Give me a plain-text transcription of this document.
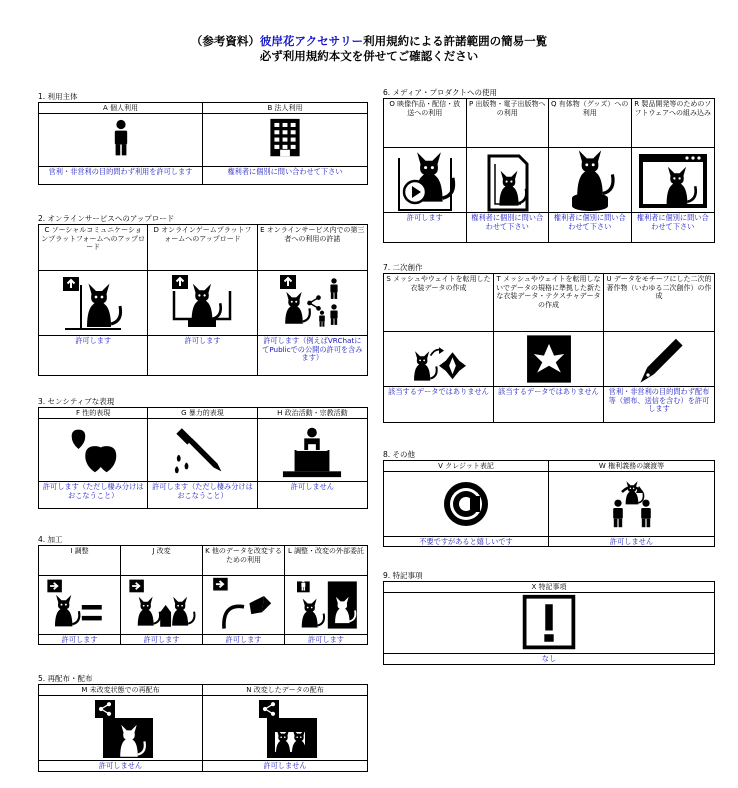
（参考資料）彼岸花アクセサリー利用規約による許諾範囲の簡易一覧
必ず利用規約本文を併せてご確認ください
1. 利用主体
A 個人利用
営利・非営利の目的問わず利用を許可します
B 法人利用
権利者に個別に問い合わせて下さい
2. オンラインサービスへのアップロード
C ソーシャルコミュニケーションプラットフォームへのアップロード
許可します
D オンラインゲームプラットフォームへのアップロード
許可します
E オンラインサービス内での第三者への利用の許諾
許可します（例えばVRChatにてPublicでの公開の許可を含みます）
3. センシティブな表現
F 性的表現
許可します（ただし棲み分けはおこなうこと）
G 暴力的表現
許可します（ただし棲み分けはおこなうこと）
H 政治活動・宗教活動
許可しません
4. 加工
I 調整
許可します
J 改変
許可します
K 他のデータを改変するための利用
許可します
L 調整・改変の外部委託
許可します
5. 再配布・配布
M 未改変状態での再配布
許可しません
N 改変したデータの配布
許可しません
6. メディア・プロダクトへの使用
O 映像作品・配信・放送への利用
許可します
P 出版物・電子出版物への利用
権利者に個別に問い合わせて下さい
Q 有体物（グッズ）への利用
権利者に個別に問い合わせて下さい
R 製品開発等のためのソフトウェアへの組み込み
権利者に個別に問い合わせて下さい
7. 二次創作
S メッシュやウェイトを転用した衣装データの作成
該当するデータではありません
T メッシュやウェイトを転用しないでデータの規格に準拠した新たな衣装データ・テクスチャデータの作成
該当するデータではありません
U データをモチーフにした二次的著作物（いわゆる二次創作）の作成
営利・非営利の目的問わず配布等（頒布、送信を含む）を許可します
8. その他
V クレジット表記
不要ですがあると嬉しいです
W 権利義務の譲渡等
許可しません
9. 特記事項
X 特記事項
なし
